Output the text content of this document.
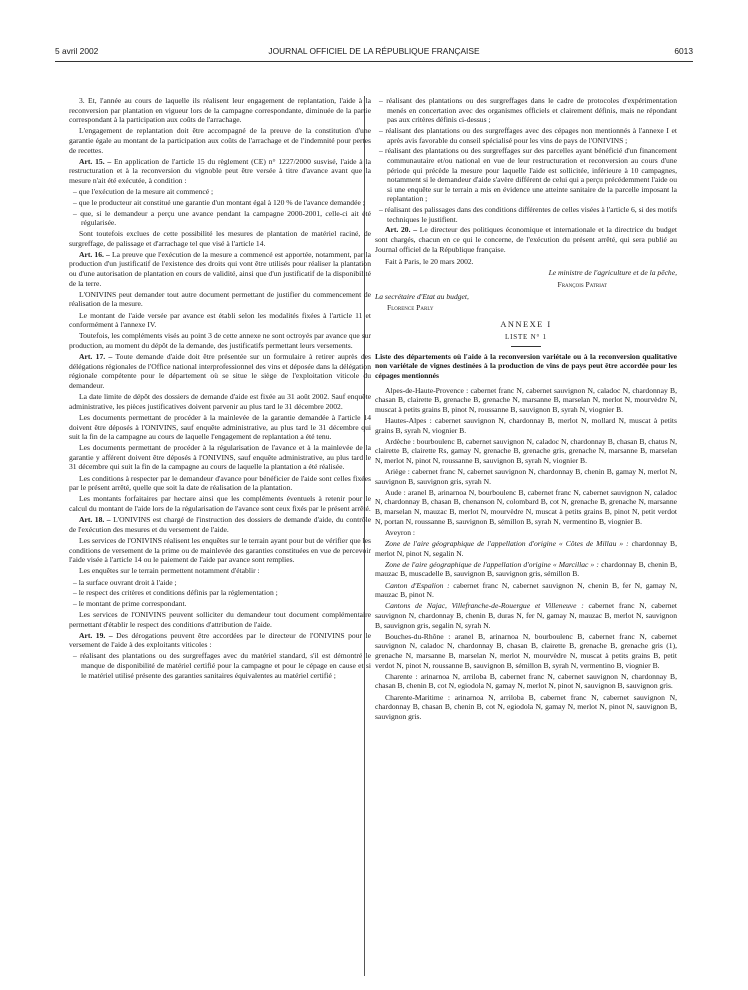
5 avril 2002	JOURNAL OFFICIEL DE LA RÉPUBLIQUE FRANÇAISE	6013

3. Et, l'année au cours de laquelle ils réalisent leur engagement de replantation, l'aide à la reconversion par plantation en vigueur lors de la campagne correspondante, diminuée de la partie correspondant à la participation aux coûts de l'arrachage.

L'engagement de replantation doit être accompagné de la preuve de la constitution d'une garantie égale au montant de la participation aux coûts de l'arrachage et de l'indemnité pour pertes de recettes.

Art. 15. – En application de l'article 15 du règlement (CE) n° 1227/2000 susvisé, l'aide à la restructuration et à la reconversion du vignoble peut être versée à titre d'avance avant que la mesure n'ait été exécutée, à condition :

– que l'exécution de la mesure ait commencé ;

– que le producteur ait constitué une garantie d'un montant égal à 120 % de l'avance demandée ;

– que, si le demandeur a perçu une avance pendant la campagne 2000-2001, celle-ci ait été régularisée.

Sont toutefois exclues de cette possibilité les mesures de plantation de matériel raciné, de surgreffage, de palissage et d'arrachage tel que visé à l'article 14.

Art. 16. – La preuve que l'exécution de la mesure a commencé est apportée, notamment, par la production d'un justificatif de l'existence des droits qui vont être utilisés pour réaliser la plantation ou d'une autorisation de plantation en cours de validité, ainsi que d'un justificatif de la disponibilité de la terre.

L'ONIVINS peut demander tout autre document permettant de justifier du commencement de réalisation de la mesure.

Le montant de l'aide versée par avance est établi selon les modalités fixées à l'article 11 et conformément à l'annexe IV.

Toutefois, les compléments visés au point 3 de cette annexe ne sont octroyés par avance que sur production, au moment du dépôt de la demande, des justificatifs permettant leurs versements.

Art. 17. – Toute demande d'aide doit être présentée sur un formulaire à retirer auprès des délégations régionales de l'Office national interprofessionnel des vins et déposée dans la délégation régionale compétente pour le département où se situe le siège de l'exploitation viticole du demandeur.

La date limite de dépôt des dossiers de demande d'aide est fixée au 31 août 2002. Sauf enquête administrative, les pièces justificatives doivent parvenir au plus tard le 31 décembre 2002.

Les documents permettant de procéder à la mainlevée de la garantie demandée à l'article 14 doivent être déposés à l'ONIVINS, sauf enquête administrative, au plus tard le 31 décembre qui suit la fin de la campagne au cours de laquelle l'engagement de replantation a été tenu.

Les documents permettant de procéder à la régularisation de l'avance et à la mainlevée de la garantie y afférent doivent être déposés à l'ONIVINS, sauf enquête administrative, au plus tard le 31 décembre qui suit la fin de la campagne au cours de laquelle la plantation a été réalisée.

Les conditions à respecter par le demandeur d'avance pour bénéficier de l'aide sont celles fixées par le présent arrêté, quelle que soit la date de réalisation de la plantation.

Les montants forfaitaires par hectare ainsi que les compléments éventuels à retenir pour le calcul du montant de l'aide lors de la régularisation de l'avance sont ceux fixés par le présent arrêté.

Art. 18. – L'ONIVINS est chargé de l'instruction des dossiers de demande d'aide, du contrôle de l'exécution des mesures et du versement de l'aide.

Les services de l'ONIVINS réalisent les enquêtes sur le terrain ayant pour but de vérifier que les conditions de versement de la prime ou de mainlevée des garanties constituées en vue de percevoir l'aide visée à l'article 14 ou le paiement de l'aide par avance sont remplies.

Les enquêtes sur le terrain permettent notamment d'établir :

– la surface ouvrant droit à l'aide ;

– le respect des critères et conditions définis par la réglementation ;

– le montant de prime correspondant.

Les services de l'ONIVINS peuvent solliciter du demandeur tout document complémentaire permettant d'établir le respect des conditions d'attribution de l'aide.

Art. 19. – Des dérogations peuvent être accordées par le directeur de l'ONIVINS pour le versement de l'aide à des exploitants viticoles :

– réalisant des plantations ou des surgreffages avec du matériel standard, s'il est démontré le manque de disponibilité de matériel certifié pour la campagne et pour le cépage en cause et si le matériel utilisé présente des garanties sanitaires équivalentes au matériel certifié ;

– réalisant des plantations ou des surgreffages dans le cadre de protocoles d'expérimentation menés en concertation avec des organismes officiels et clairement définis, mais ne répondant pas aux critères définis ci-dessus ;

– réalisant des plantations ou des surgreffages avec des cépages non mentionnés à l'annexe I et après avis favorable du conseil spécialisé pour les vins de pays de l'ONIVINS ;

– réalisant des plantations ou des surgreffages sur des parcelles ayant bénéficié d'un financement communautaire et/ou national en vue de leur restructuration et reconversion au cours d'une période qui précède la mesure pour laquelle l'aide est sollicitée, inférieure à 10 campagnes, notamment si le demandeur d'aide s'avère différent de celui qui a perçu précédemment l'aide ou si une enquête sur le terrain a mis en évidence une atteinte sanitaire de la parcelle imposant la replantation ;

– réalisant des palissages dans des conditions différentes de celles visées à l'article 6, si des motifs techniques le justifient.

Art. 20. – Le directeur des politiques économique et internationale et la directrice du budget sont chargés, chacun en ce qui le concerne, de l'exécution du présent arrêté, qui sera publié au Journal officiel de la République française.

Fait à Paris, le 20 mars 2002.

Le ministre de l'agriculture et de la pêche,

François Patriat

La secrétaire d'Etat au budget,

Florence Parly

ANNEXE I
LISTE N° 1

Liste des départements où l'aide à la reconversion variétale ou à la reconversion qualitative non variétale de vignes destinées à la production de vins de pays peut être accordée pour les cépages mentionnés

Alpes-de-Haute-Provence : cabernet franc N, cabernet sauvignon N, caladoc N, chardonnay B, chasan B, clairette B, grenache B, grenache N, marsanne B, marselan N, merlot N, mourvèdre N, muscat à petits grains B, pinot N, roussanne B, sauvignon B, syrah N, viognier B.

Hautes-Alpes : cabernet sauvignon N, chardonnay B, merlot N, mollard N, muscat à petits grains B, syrah N, viognier B.

Ardèche : bourboulenc B, cabernet sauvignon N, caladoc N, chardonnay B, chasan B, chatus N, clairette B, clairette Rs, gamay N, grenache B, grenache gris, grenache N, marsanne B, marselan N, merlot N, pinot N, roussanne B, sauvignon B, syrah N, viognier B.

Ariège : cabernet franc N, cabernet sauvignon N, chardonnay B, chenin B, gamay N, merlot N, sauvignon B, sauvignon gris, syrah N.

Aude : aranel B, arinarnoa N, bourboulenc B, cabernet franc N, cabernet sauvignon N, caladoc N, chardonnay B, chasan B, chenanson N, colombard B, cot N, grenache B, grenache N, marsanne B, marselan N, mauzac B, merlot N, mourvèdre N, muscat à petits grains B, pinot N, petit verdot N, portan N, roussanne B, sauvignon B, sémillon B, syrah N, vermentino B, viognier B.

Aveyron :

Zone de l'aire géographique de l'appellation d'origine « Côtes de Millau » : chardonnay B, merlot N, pinot N, segalin N.

Zone de l'aire géographique de l'appellation d'origine « Marcillac » : chardonnay B, chenin B, mauzac B, muscadelle B, sauvignon B, sauvignon gris, sémillon B.

Canton d'Espalion : cabernet franc N, cabernet sauvignon N, chenin B, fer N, gamay N, mauzac B, pinot N.

Cantons de Najac, Villefranche-de-Rouergue et Villeneuve : cabernet franc N, cabernet sauvignon N, chardonnay B, chenin B, duras N, fer N, gamay N, mauzac B, merlot N, sauvignon B, sauvignon gris, segalin N, syrah N.

Bouches-du-Rhône : aranel B, arinarnoa N, bourboulenc B, cabernet franc N, cabernet sauvignon N, caladoc N, chardonnay B, chasan B, clairette B, grenache B, grenache gris (1), grenache N, marsanne B, marselan N, merlot N, mourvèdre N, muscat à petits grains B, petit verdot N, pinot N, roussanne B, sauvignon B, sémillon B, syrah N, vermentino B, viognier B.

Charente : arinarnoa N, arriloba B, cabernet franc N, cabernet sauvignon N, chardonnay B, chasan B, chenin B, cot N, egiodola N, gamay N, merlot N, pinot N, sauvignon B, sauvignon gris.

Charente-Maritime : arinarnoa N, arriloba B, cabernet franc N, cabernet sauvignon N, chardonnay B, chasan B, chenin B, cot N, egiodola N, gamay N, merlot N, pinot N, sauvignon B, sauvignon gris.
